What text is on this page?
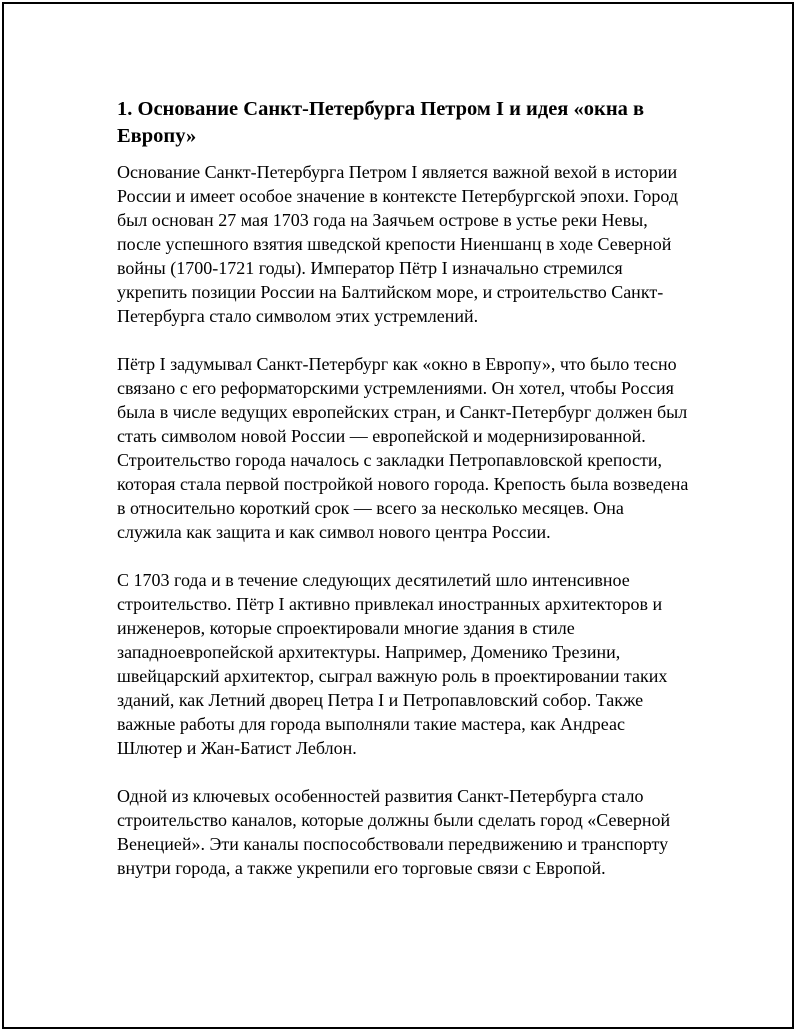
1. Основание Санкт-Петербурга Петром I и идея «окна в Европу»

Основание Санкт-Петербурга Петром I является важной вехой в истории России и имеет особое значение в контексте Петербургской эпохи. Город был основан 27 мая 1703 года на Заячьем острове в устье реки Невы, после успешного взятия шведской крепости Ниеншанц в ходе Северной войны (1700-1721 годы). Император Пётр I изначально стремился укрепить позиции России на Балтийском море, и строительство Санкт-Петербурга стало символом этих устремлений.

Пётр I задумывал Санкт-Петербург как «окно в Европу», что было тесно связано с его реформаторскими устремлениями. Он хотел, чтобы Россия была в числе ведущих европейских стран, и Санкт-Петербург должен был стать символом новой России — европейской и модернизированной. Строительство города началось с закладки Петропавловской крепости, которая стала первой постройкой нового города. Крепость была возведена в относительно короткий срок — всего за несколько месяцев. Она служила как защита и как символ нового центра России.

С 1703 года и в течение следующих десятилетий шло интенсивное строительство. Пётр I активно привлекал иностранных архитекторов и инженеров, которые спроектировали многие здания в стиле западноевропейской архитектуры. Например, Доменико Трезини, швейцарский архитектор, сыграл важную роль в проектировании таких зданий, как Летний дворец Петра I и Петропавловский собор. Также важные работы для города выполняли такие мастера, как Андреас Шлютер и Жан-Батист Леблон.

Одной из ключевых особенностей развития Санкт-Петербурга стало строительство каналов, которые должны были сделать город «Северной Венецией». Эти каналы поспособствовали передвижению и транспорту внутри города, а также укрепили его торговые связи с Европой.
